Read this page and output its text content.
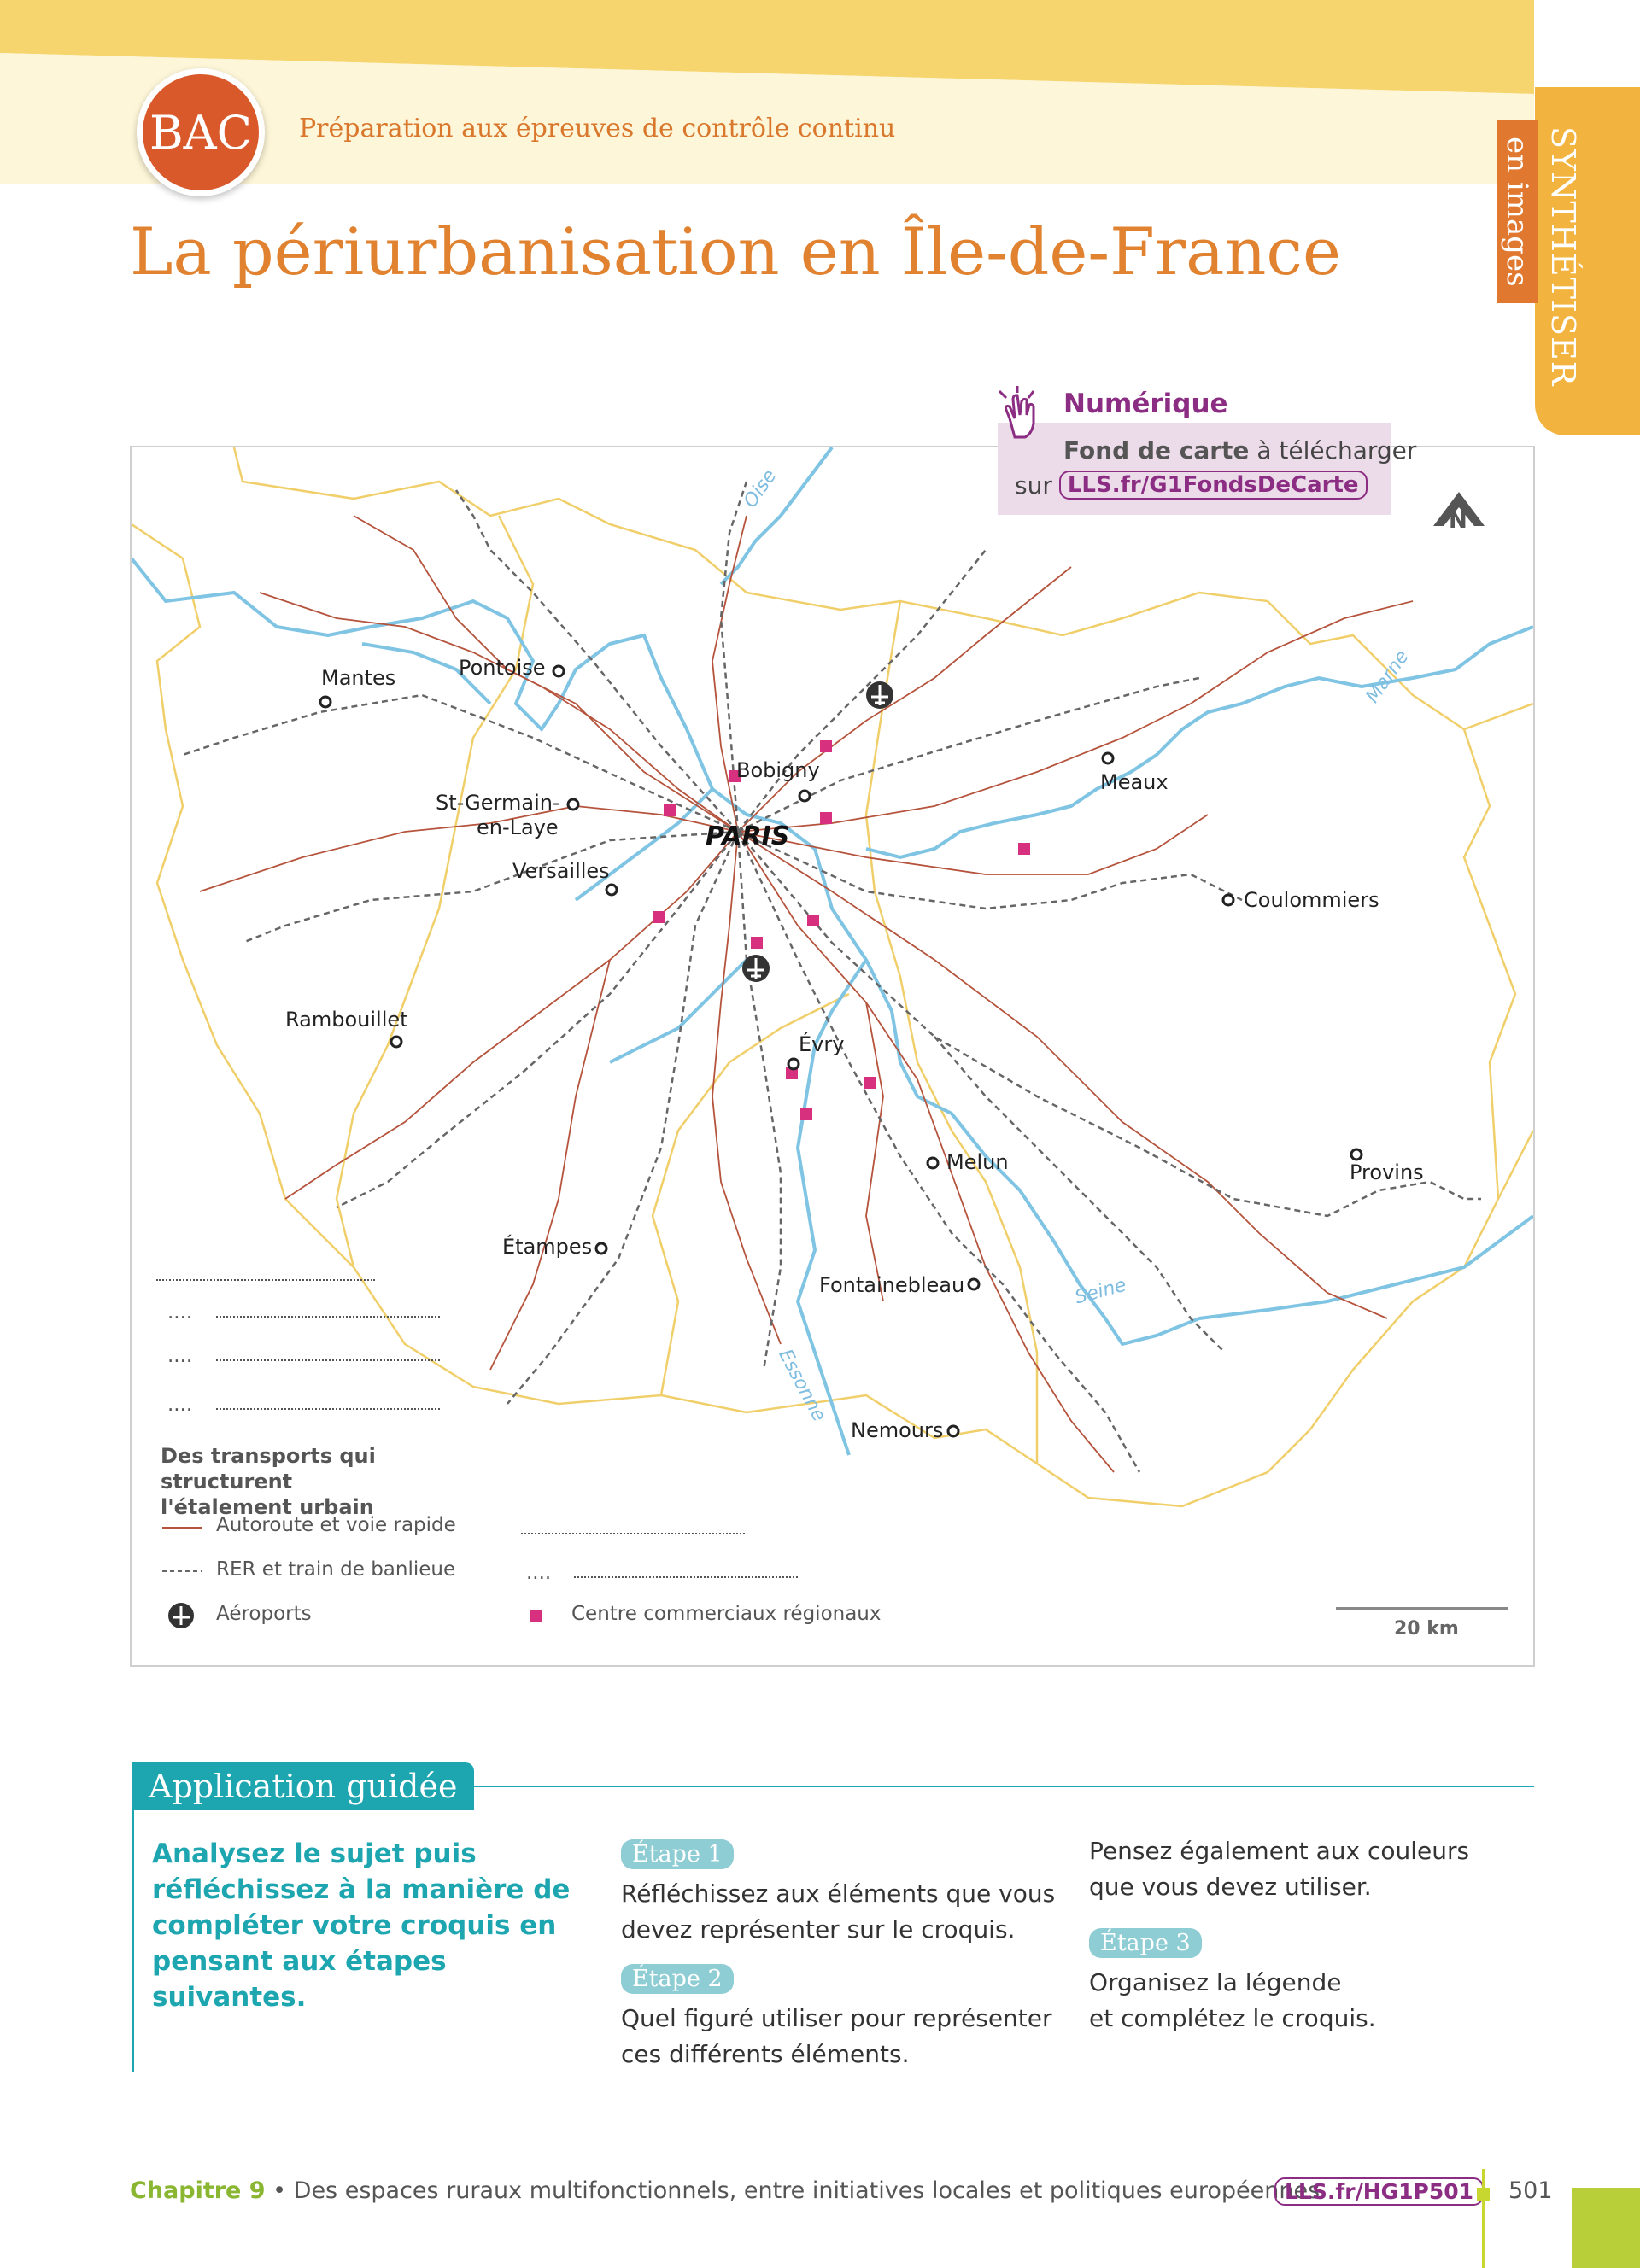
BAC	Préparation aux épreuves de contrôle continu
La périurbanisation en Île-de-France	SYNTHÉTISER
en images
N
Numérique
Fond de carte à télécharger
sur LLS.fr/G1FondsDeCarte
Mantes	Pontoise
Bobigny
St-Germain-
en-Laye
Versailles
PARIS
Meaux
Coulommiers
Rambouillet
Évry
Melun	Provins
Étampes
Fontainebleau
Nemours
Oise
Marne
Seine
Essonne
....
....
....
....
Des transports qui structurent
l'étalement urbain
Autoroute et voie rapide
RER et train de banlieue
Aéroports	Centre commerciaux régionaux
20 km
Application guidée
Analysez le sujet puis réfléchissez à la manière de compléter votre croquis en pensant aux étapes suivantes.
Étape 1
Réfléchissez aux éléments que vous devez représenter sur le croquis.
Étape 2
Quel figuré utiliser pour représenter ces différents éléments.
Pensez également aux couleurs que vous devez utiliser.
Étape 3
Organisez la légende
et complétez le croquis.
Chapitre 9 • Des espaces ruraux multifonctionnels, entre initiatives locales et politiques européennes
LLS.fr/HG1P501	501
